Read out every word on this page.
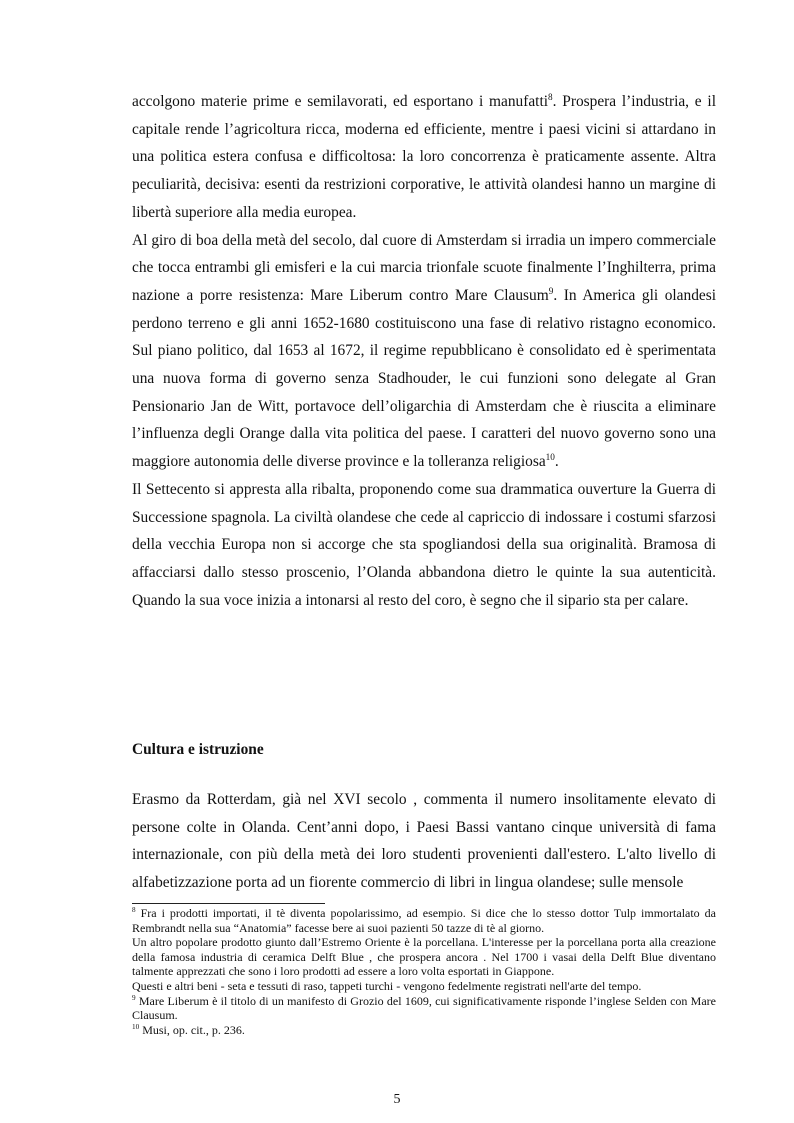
accolgono materie prime e semilavorati, ed esportano i manufatti$^8$. Prospera l’industria, e il capitale rende l’agricoltura ricca, moderna ed efficiente, mentre i paesi vicini si attardano in una politica estera confusa e difficoltosa: la loro concorrenza è praticamente assente. Altra peculiarità, decisiva: esenti da restrizioni corporative, le attività olandesi hanno un margine di libertà superiore alla media europea.

Al giro di boa della metà del secolo, dal cuore di Amsterdam si irradia un impero commerciale che tocca entrambi gli emisferi e la cui marcia trionfale scuote finalmente l’Inghilterra, prima nazione a porre resistenza: Mare Liberum contro Mare Clausum$^9$. In America gli olandesi perdono terreno e gli anni 1652-1680 costituiscono una fase di relativo ristagno economico. Sul piano politico, dal 1653 al 1672, il regime repubblicano è consolidato ed è sperimentata una nuova forma di governo senza Stadhouder, le cui funzioni sono delegate al Gran Pensionario Jan de Witt, portavoce dell’oligarchia di Amsterdam che è riuscita a eliminare l’influenza degli Orange dalla vita politica del paese. I caratteri del nuovo governo sono una maggiore autonomia delle diverse province e la tolleranza religiosa$^{10}$.

Il Settecento si appresta alla ribalta, proponendo come sua drammatica ouverture la Guerra di Successione spagnola. La civiltà olandese che cede al capriccio di indossare i costumi sfarzosi della vecchia Europa non si accorge che sta spogliandosi della sua originalità. Bramosa di affacciarsi dallo stesso proscenio, l’Olanda abbandona dietro le quinte la sua autenticità. Quando la sua voce inizia a intonarsi al resto del coro, è segno che il sipario sta per calare.

Cultura e istruzione

Erasmo da Rotterdam, già nel XVI secolo , commenta il numero insolitamente elevato di persone colte in Olanda. Cent’anni dopo, i Paesi Bassi vantano cinque università di fama internazionale, con più della metà dei loro studenti provenienti dall'estero. L'alto livello di alfabetizzazione porta ad un fiorente commercio di libri in lingua olandese; sulle mensole

$^8$ Fra i prodotti importati, il tè diventa popolarissimo, ad esempio. Si dice che lo stesso dottor Tulp immortalato da Rembrandt nella sua “Anatomia” facesse bere ai suoi pazienti 50 tazze di tè al giorno.

Un altro popolare prodotto giunto dall’Estremo Oriente è la porcellana. L'interesse per la porcellana porta alla creazione della famosa industria di ceramica Delft Blue , che prospera ancora . Nel 1700 i vasai della Delft Blue diventano talmente apprezzati che sono i loro prodotti ad essere a loro volta esportati in Giappone.

Questi e altri beni - seta e tessuti di raso, tappeti turchi - vengono fedelmente registrati nell'arte del tempo.

$^9$ Mare Liberum è il titolo di un manifesto di Grozio del 1609, cui significativamente risponde l’inglese Selden con Mare Clausum.

$^{10}$ Musi, op. cit., p. 236.

5
